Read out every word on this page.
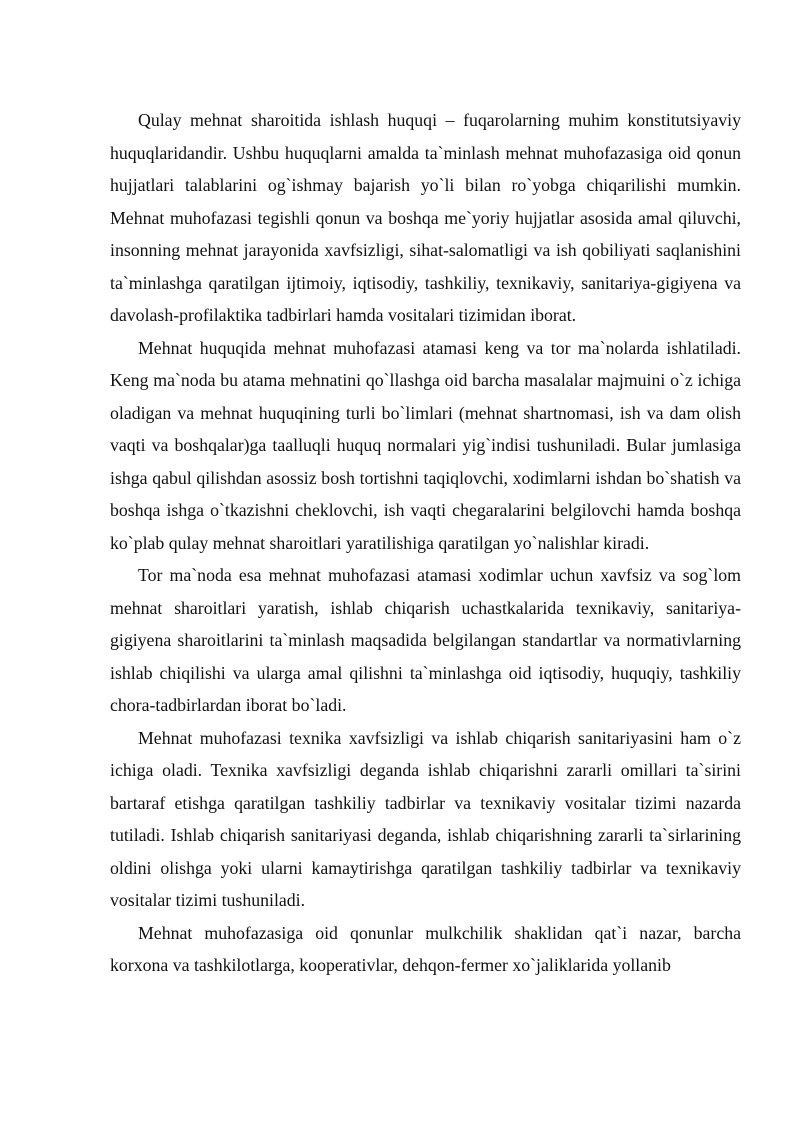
Qulay mehnat sharoitida ishlash huquqi – fuqarolarning muhim konstitutsiyaviy huquqlaridandir. Ushbu huquqlarni amalda ta`minlash mehnat muhofazasiga oid qonun hujjatlari talablarini og`ishmay bajarish yo`li bilan ro`yobga chiqarilishi mumkin. Mehnat muhofazasi tegishli qonun va boshqa me`yoriy hujjatlar asosida amal qiluvchi, insonning mehnat jarayonida xavfsizligi, sihat-salomatligi va ish qobiliyati saqlanishini ta`minlashga qaratilgan ijtimoiy, iqtisodiy, tashkiliy, texnikaviy, sanitariya-gigiyena va davolash-profilaktika tadbirlari hamda vositalari tizimidan iborat.

Mehnat huquqida mehnat muhofazasi atamasi keng va tor ma`nolarda ishlatiladi. Keng ma`noda bu atama mehnatini qo`llashga oid barcha masalalar majmuini o`z ichiga oladigan va mehnat huquqining turli bo`limlari (mehnat shartnomasi, ish va dam olish vaqti va boshqalar)ga taalluqli huquq normalari yig`indisi tushuniladi. Bular jumlasiga ishga qabul qilishdan asossiz bosh tortishni taqiqlovchi, xodimlarni ishdan bo`shatish va boshqa ishga o`tkazishni cheklovchi, ish vaqti chegaralarini belgilovchi hamda boshqa ko`plab qulay mehnat sharoitlari yaratilishiga qaratilgan yo`nalishlar kiradi.

Tor ma`noda esa mehnat muhofazasi atamasi xodimlar uchun xavfsiz va sog`lom mehnat sharoitlari yaratish, ishlab chiqarish uchastkalarida texnikaviy, sanitariya-gigiyena sharoitlarini ta`minlash maqsadida belgilangan standartlar va normativlarning ishlab chiqilishi va ularga amal qilishni ta`minlashga oid iqtisodiy, huquqiy, tashkiliy chora-tadbirlardan iborat bo`ladi.

Mehnat muhofazasi texnika xavfsizligi va ishlab chiqarish sanitariyasini ham o`z ichiga oladi. Texnika xavfsizligi deganda ishlab chiqarishni zararli omillari ta`sirini bartaraf etishga qaratilgan tashkiliy tadbirlar va texnikaviy vositalar tizimi nazarda tutiladi. Ishlab chiqarish sanitariyasi deganda, ishlab chiqarishning zararli ta`sirlarining oldini olishga yoki ularni kamaytirishga qaratilgan tashkiliy tadbirlar va texnikaviy vositalar tizimi tushuniladi.

Mehnat muhofazasiga oid qonunlar mulkchilik shaklidan qat`i nazar, barcha korxona va tashkilotlarga, kooperativlar, dehqon-fermer xo`jaliklarida yollanib
